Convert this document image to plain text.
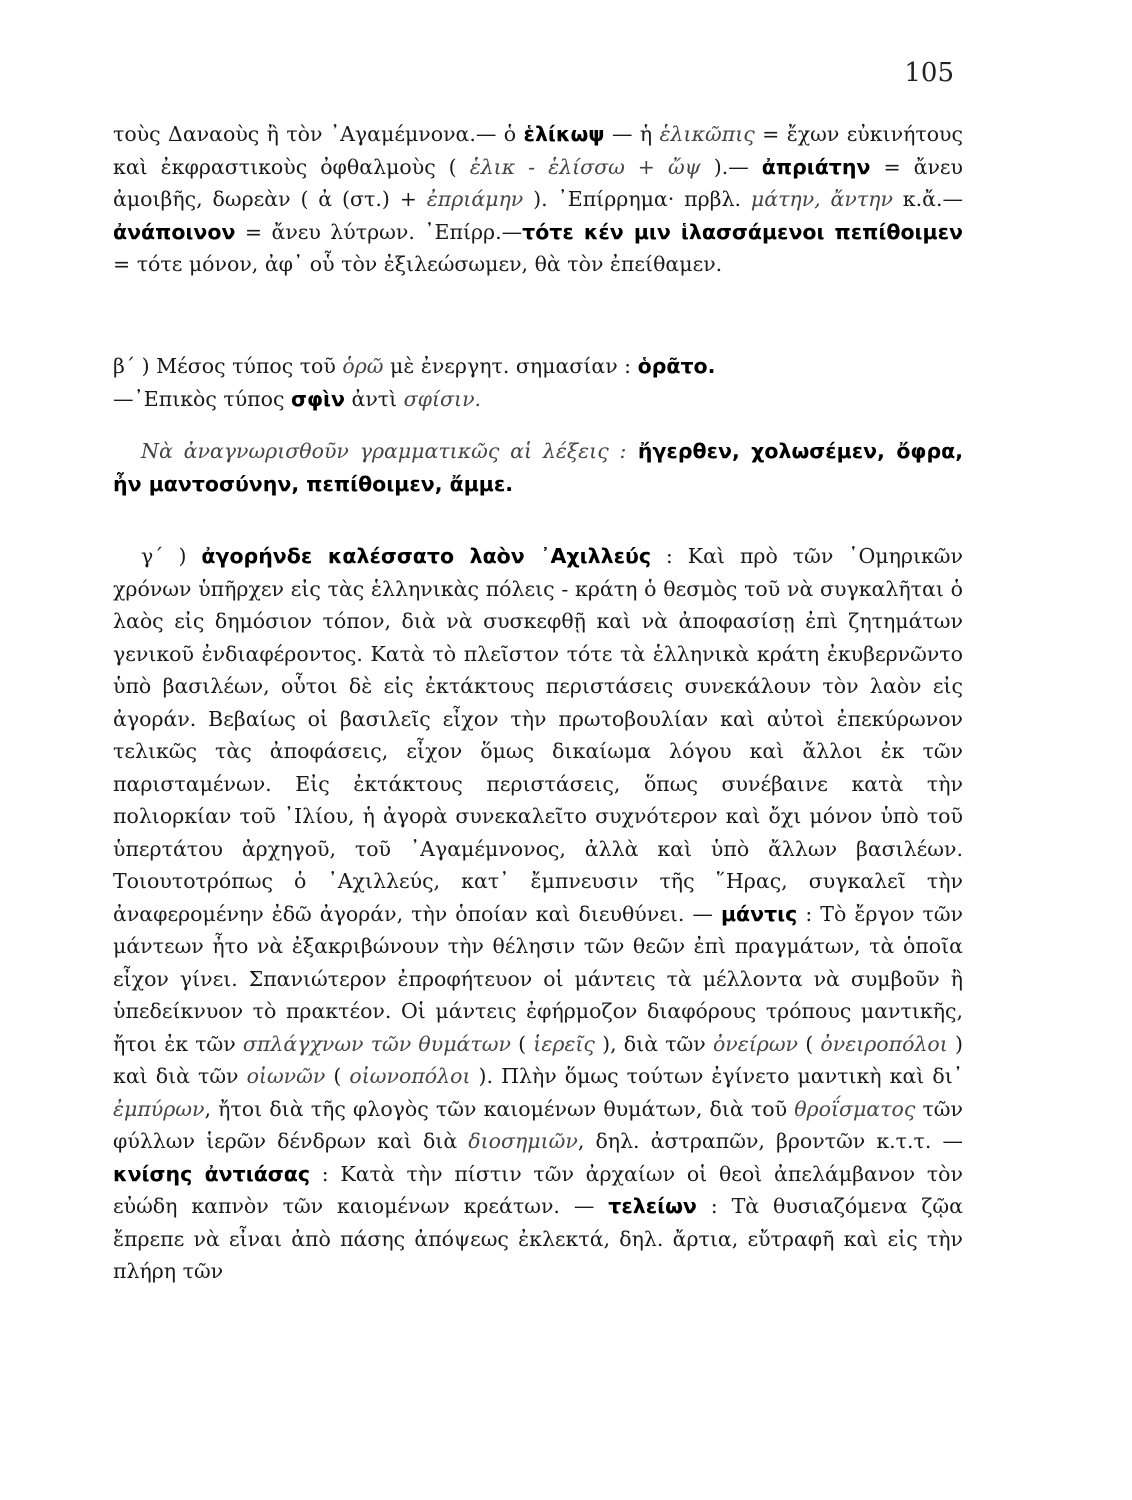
105

τοὺς Δαναοὺς ἢ τὸν ᾿Αγαμέμνονα.— ὁ ἑλίκωψ — ἡ ἑλικῶπις = ἔχων εὐκινήτους καὶ ἐκφραστικοὺς ὀφθαλμοὺς ( ἑλικ - ἑλίσσω + ὤψ ).— ἀπριάτην = ἄνευ ἀμοιβῆς, δωρεὰν ( ἀ (στ.) + ἐπριάμην ). ᾿Επίρρημα· πρβλ. μάτην, ἄντην κ.ἄ.—ἀνάποινον = ἄνευ λύτρων. ᾿Επίρρ.—τότε κέν μιν ἱλασσάμενοι πεπίθοιμεν = τότε μόνον, ἀφ᾿ οὗ τὸν ἐξιλεώσωμεν, θὰ τὸν ἐπείθαμεν.

β΄ ) Μέσος τύπος τοῦ ὁρῶ μὲ ἐνεργητ. σημασίαν : ὁρᾶτο.

—᾿Επικὸς τύπος σφὶν ἀντὶ σφίσιν.

Νὰ ἀναγνωρισθοῦν γραμματικῶς αἱ λέξεις : ἤγερθεν, χολωσέμεν, ὄφρα, ἦν μαντοσύνην, πεπίθοιμεν, ἄμμε.

γ΄ ) ἀγορήνδε καλέσσατο λαὸν ᾿Αχιλλεύς : Καὶ πρὸ τῶν ῾Ομηρικῶν χρόνων ὑπῆρχεν εἰς τὰς ἑλληνικὰς πόλεις - κράτη ὁ θεσμὸς τοῦ νὰ συγκαλῆται ὁ λαὸς εἰς δημόσιον τόπον, διὰ νὰ συσκεφθῇ καὶ νὰ ἀποφασίσῃ ἐπὶ ζητημάτων γενικοῦ ἐνδιαφέροντος. Κατὰ τὸ πλεῖστον τότε τὰ ἑλληνικὰ κράτη ἐκυβερνῶντο ὑπὸ βασιλέων, οὗτοι δὲ εἰς ἐκτάκτους περιστάσεις συνεκάλουν τὸν λαὸν εἰς ἀγοράν. Βεβαίως οἱ βασιλεῖς εἶχον τὴν πρωτοβουλίαν καὶ αὐτοὶ ἐπεκύρωνον τελικῶς τὰς ἀποφάσεις, εἶχον ὅμως δικαίωμα λόγου καὶ ἄλλοι ἐκ τῶν παρισταμένων. Εἰς ἐκτάκτους περιστάσεις, ὅπως συνέβαινε κατὰ τὴν πολιορκίαν τοῦ ᾿Ιλίου, ἡ ἀγορὰ συνεκαλεῖτο συχνότερον καὶ ὄχι μόνον ὑπὸ τοῦ ὑπερτάτου ἀρχηγοῦ, τοῦ ᾿Αγαμέμνονος, ἀλλὰ καὶ ὑπὸ ἄλλων βασιλέων. Τοιουτοτρόπως ὁ ᾿Αχιλλεύς, κατ᾿ ἔμπνευσιν τῆς ῞Ηρας, συγκαλεῖ τὴν ἀναφερομένην ἐδῶ ἀγοράν, τὴν ὁποίαν καὶ διευθύνει. — μάντις : Τὸ ἔργον τῶν μάντεων ἦτο νὰ ἐξακριβώνουν τὴν θέλησιν τῶν θεῶν ἐπὶ πραγμάτων, τὰ ὁποῖα εἶχον γίνει. Σπανιώτερον ἐπροφήτευον οἱ μάντεις τὰ μέλλοντα νὰ συμβοῦν ἢ ὑπεδείκνυον τὸ πρακτέον. Οἱ μάντεις ἐφήρμοζον διαφόρους τρόπους μαντικῆς, ἤτοι ἐκ τῶν σπλάγχνων τῶν θυμάτων ( ἱερεῖς ), διὰ τῶν ὀνείρων ( ὀνειροπόλοι ) καὶ διὰ τῶν οἰωνῶν ( οἰωνοπόλοι ). Πλὴν ὅμως τούτων ἐγίνετο μαντικὴ καὶ δι᾿ ἐμπύρων, ἤτοι διὰ τῆς φλογὸς τῶν καιομένων θυμάτων, διὰ τοῦ θροΐσματος τῶν φύλλων ἱερῶν δένδρων καὶ διὰ διοσημιῶν, δηλ. ἀστραπῶν, βροντῶν κ.τ.τ. — κνίσης ἀντιάσας : Κατὰ τὴν πίστιν τῶν ἀρχαίων οἱ θεοὶ ἀπελάμβανον τὸν εὐώδη καπνὸν τῶν καιομένων κρεάτων. — τελείων : Τὰ θυσιαζόμενα ζῷα ἔπρεπε νὰ εἶναι ἀπὸ πάσης ἀπόψεως ἐκλεκτά, δηλ. ἄρτια, εὔτραφῆ καὶ εἰς τὴν πλήρη τῶν
